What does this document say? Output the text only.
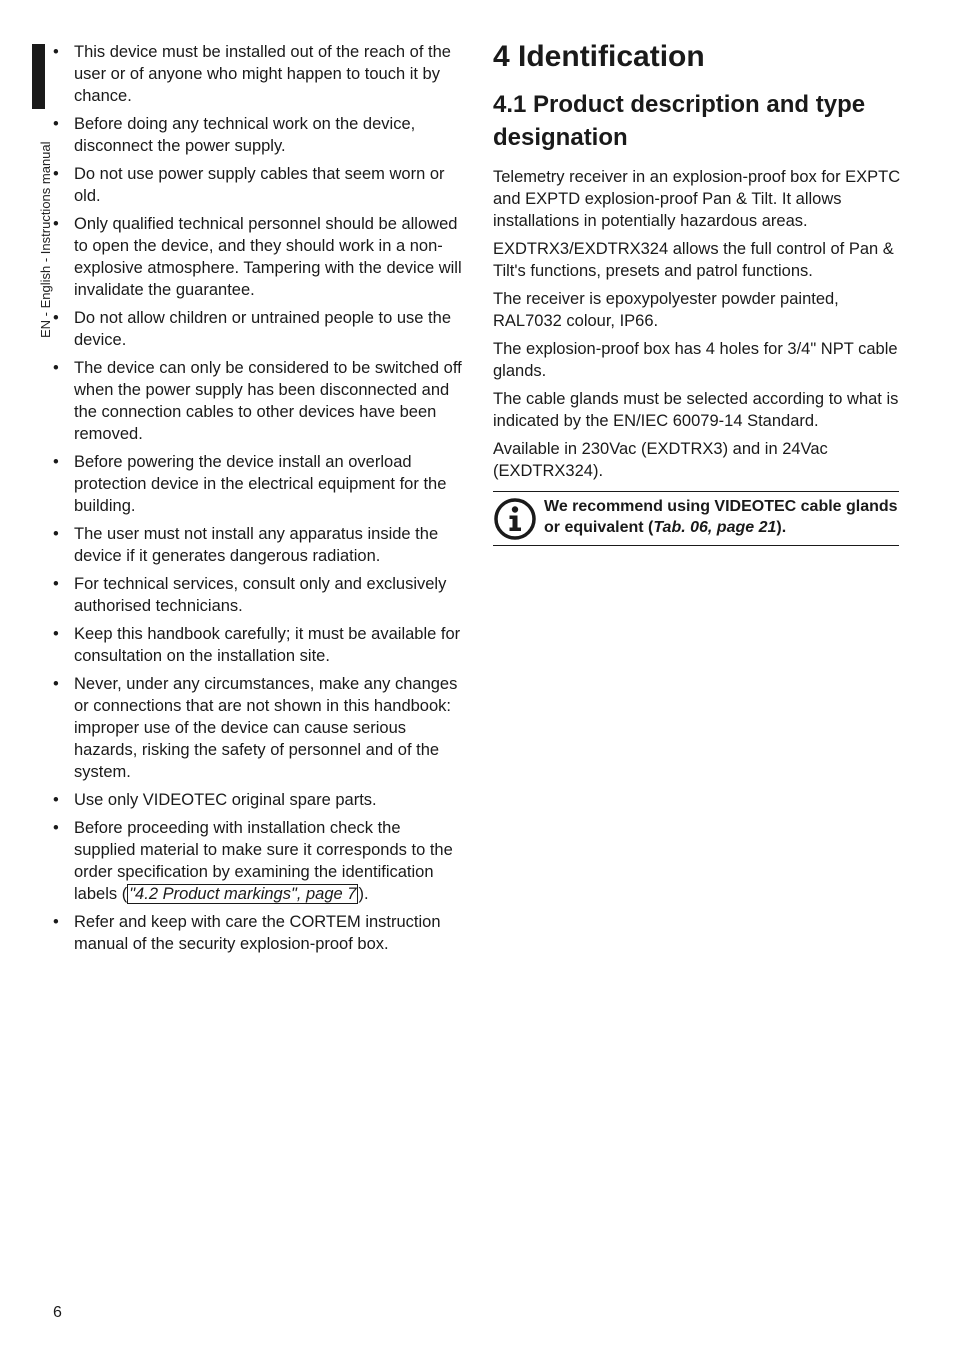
EN - English - Instructions manual
• This device must be installed out of the reach of the user or of anyone who might happen to touch it by chance.
• Before doing any technical work on the device, disconnect the power supply.
• Do not use power supply cables that seem worn or old.
• Only qualified technical personnel should be allowed to open the device, and they should work in a non-explosive atmosphere. Tampering with the device will invalidate the guarantee.
• Do not allow children or untrained people to use the device.
• The device can only be considered to be switched off when the power supply has been disconnected and the connection cables to other devices have been removed.
• Before powering the device install an overload protection device in the electrical equipment for the building.
• The user must not install any apparatus inside the device if it generates dangerous radiation.
• For technical services, consult only and exclusively authorised technicians.
• Keep this handbook carefully; it must be available for consultation on the installation site.
• Never, under any circumstances, make any changes or connections that are not shown in this handbook: improper use of the device can cause serious hazards, risking the safety of personnel and of the system.
• Use only VIDEOTEC original spare parts.
• Before proceeding with installation check the supplied material to make sure it corresponds to the order specification by examining the identification labels ( "4.2 Product markings", page 7 ).
• Refer and keep with care the CORTEM instruction manual of the security explosion-proof box.
4 Identification
4.1 Product description and type designation

Telemetry receiver in an explosion-proof box for EXPTC and EXPTD explosion-proof Pan & Tilt. It allows installations in potentially hazardous areas.

EXDTRX3/EXDTRX324 allows the full control of Pan & Tilt's functions, presets and patrol functions.

The receiver is epoxypolyester powder painted, RAL7032 colour, IP66.

The explosion-proof box has 4 holes for 3/4" NPT cable glands.

The cable glands must be selected according to what is indicated by the EN/IEC 60079-14 Standard.

Available in 230Vac (EXDTRX3) and in 24Vac (EXDTRX324).

We recommend using VIDEOTEC cable glands or equivalent (Tab. 06, page 21).
6
